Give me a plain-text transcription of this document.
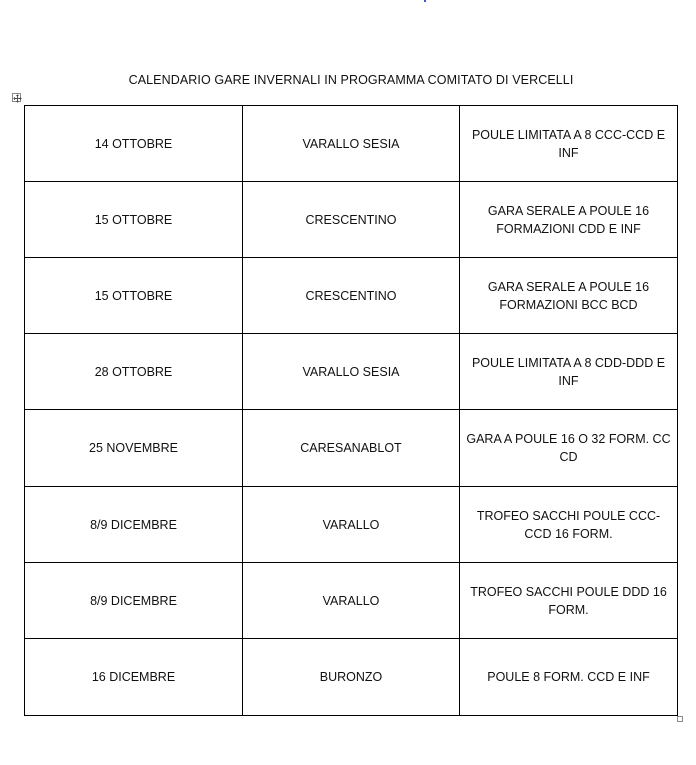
CALENDARIO GARE INVERNALI IN PROGRAMMA COMITATO DI VERCELLI
14 OTTOBRE	VARALLO SESIA	POULE LIMITATA A 8 CCC-CCD E INF
15 OTTOBRE	CRESCENTINO	GARA SERALE A POULE 16 FORMAZIONI CDD E INF
15 OTTOBRE	CRESCENTINO	GARA SERALE A POULE 16 FORMAZIONI BCC BCD
28 OTTOBRE	VARALLO SESIA	POULE LIMITATA A 8 CDD-DDD E INF
25 NOVEMBRE	CARESANABLOT	GARA A POULE 16 O 32 FORM. CC CD
8/9 DICEMBRE	VARALLO	TROFEO SACCHI POULE CCC-CCD 16 FORM.
8/9 DICEMBRE	VARALLO	TROFEO SACCHI POULE DDD 16 FORM.
16 DICEMBRE	BURONZO	POULE 8 FORM. CCD E INF
